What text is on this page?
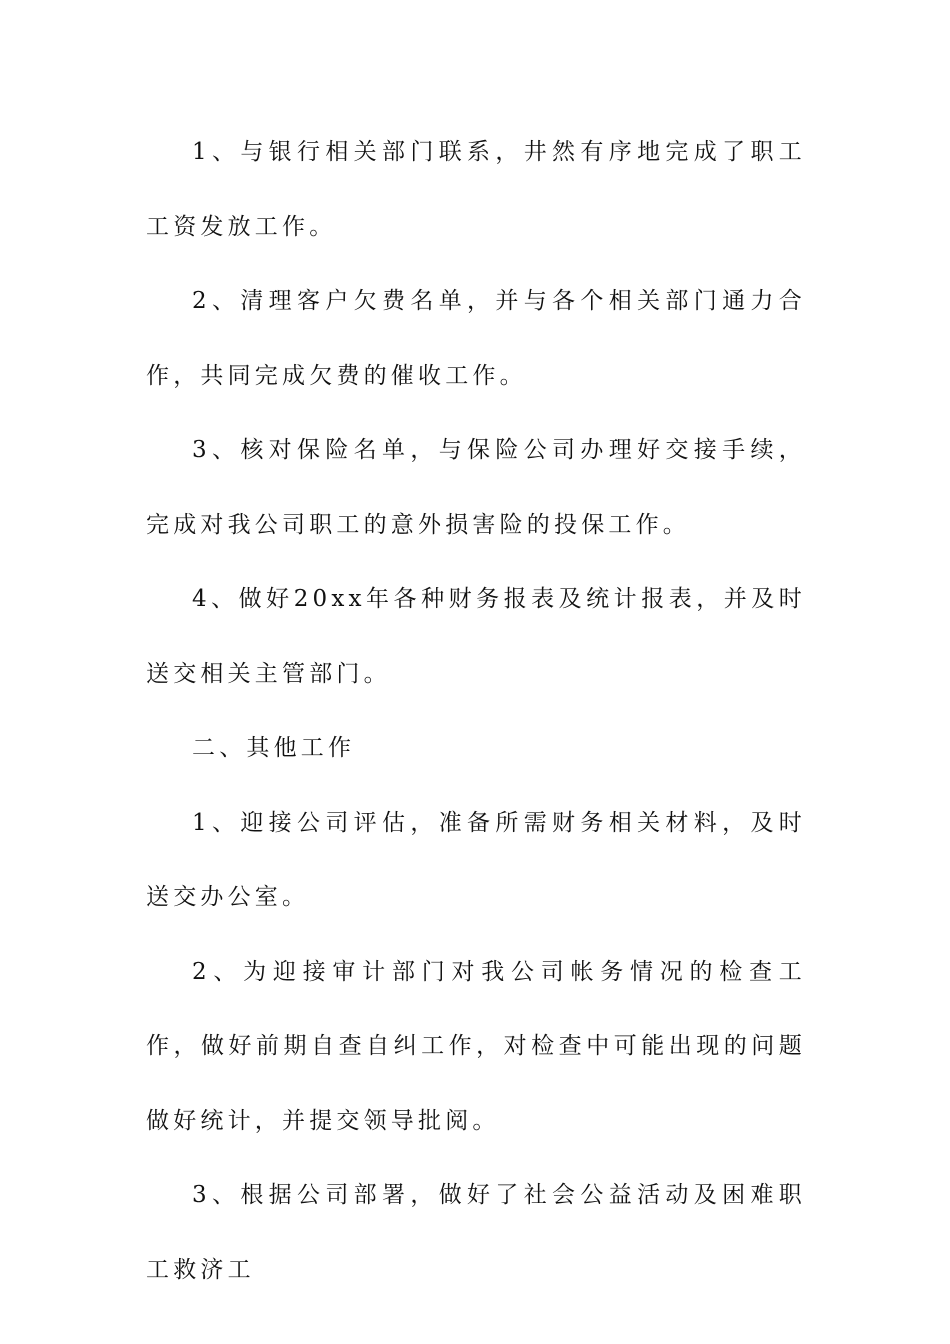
1、与银行相关部门联系，井然有序地完成了职工工资发放工作。

2、清理客户欠费名单，并与各个相关部门通力合作，共同完成欠费的催收工作。

3、核对保险名单，与保险公司办理好交接手续，完成对我公司职工的意外损害险的投保工作。

4、做好20xx年各种财务报表及统计报表，并及时送交相关主管部门。

二、其他工作

1、迎接公司评估，准备所需财务相关材料，及时送交办公室。

2、为迎接审计部门对我公司帐务情况的检查工作，做好前期自查自纠工作，对检查中可能出现的问题做好统计，并提交领导批阅。

3、根据公司部署，做好了社会公益活动及困难职工救济工
